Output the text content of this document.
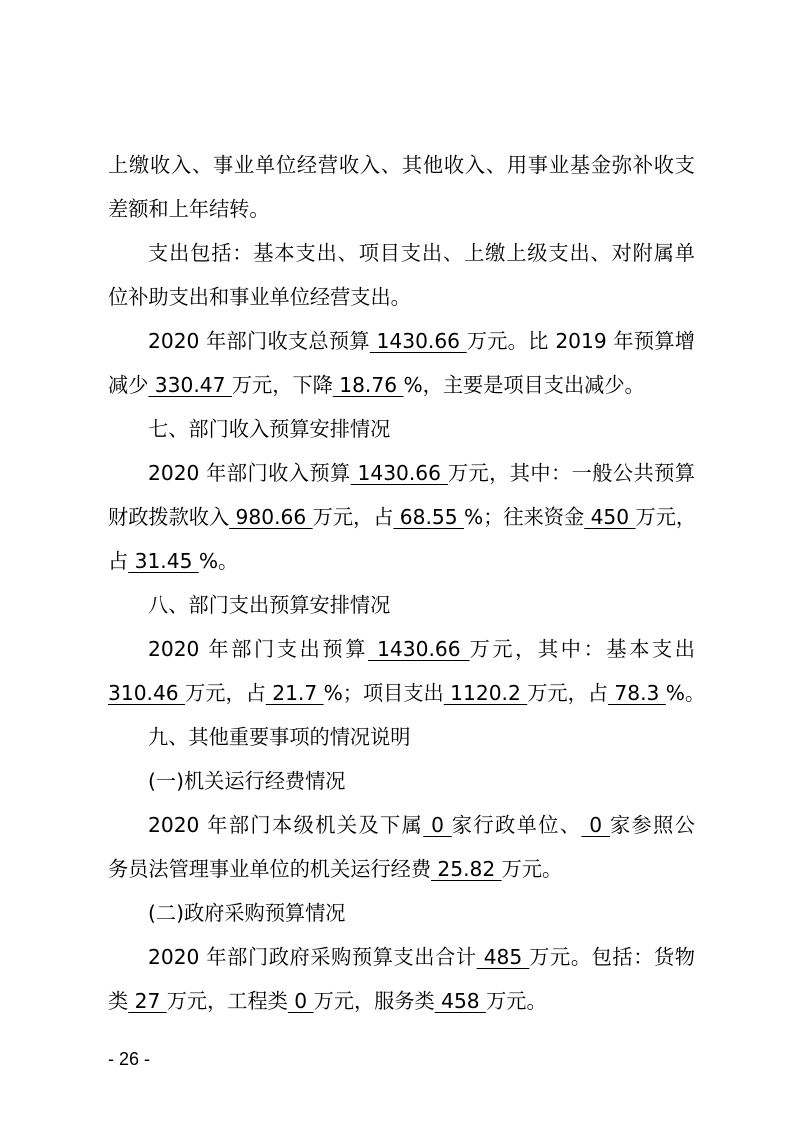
上缴收入、事业单位经营收入、其他收入、用事业基金弥补收支
差额和上年结转。
支出包括：基本支出、项目支出、上缴上级支出、对附属单
位补助支出和事业单位经营支出。
2020 年部门收支总预算 1430.66 万元。比 2019 年预算增
减少 330.47 万元，下降 18.76 %，主要是项目支出减少。
七、部门收入预算安排情况
2020 年部门收入预算 1430.66 万元，其中：一般公共预算
财政拨款收入 980.66 万元，占 68.55 %；往来资金 450 万元，
占 31.45 %。
八、部门支出预算安排情况
2020 年部门支出预算 1430.66 万元，其中：基本支出
310.46 万元，占 21.7 %；项目支出 1120.2 万元，占 78.3 %。
九、其他重要事项的情况说明
(一)机关运行经费情况
2020 年部门本级机关及下属 0 家行政单位、 0 家参照公
务员法管理事业单位的机关运行经费 25.82 万元。
(二)政府采购预算情况
2020 年部门政府采购预算支出合计 485 万元。包括：货物
类 27 万元，工程类 0 万元，服务类 458 万元。
- 26 -
